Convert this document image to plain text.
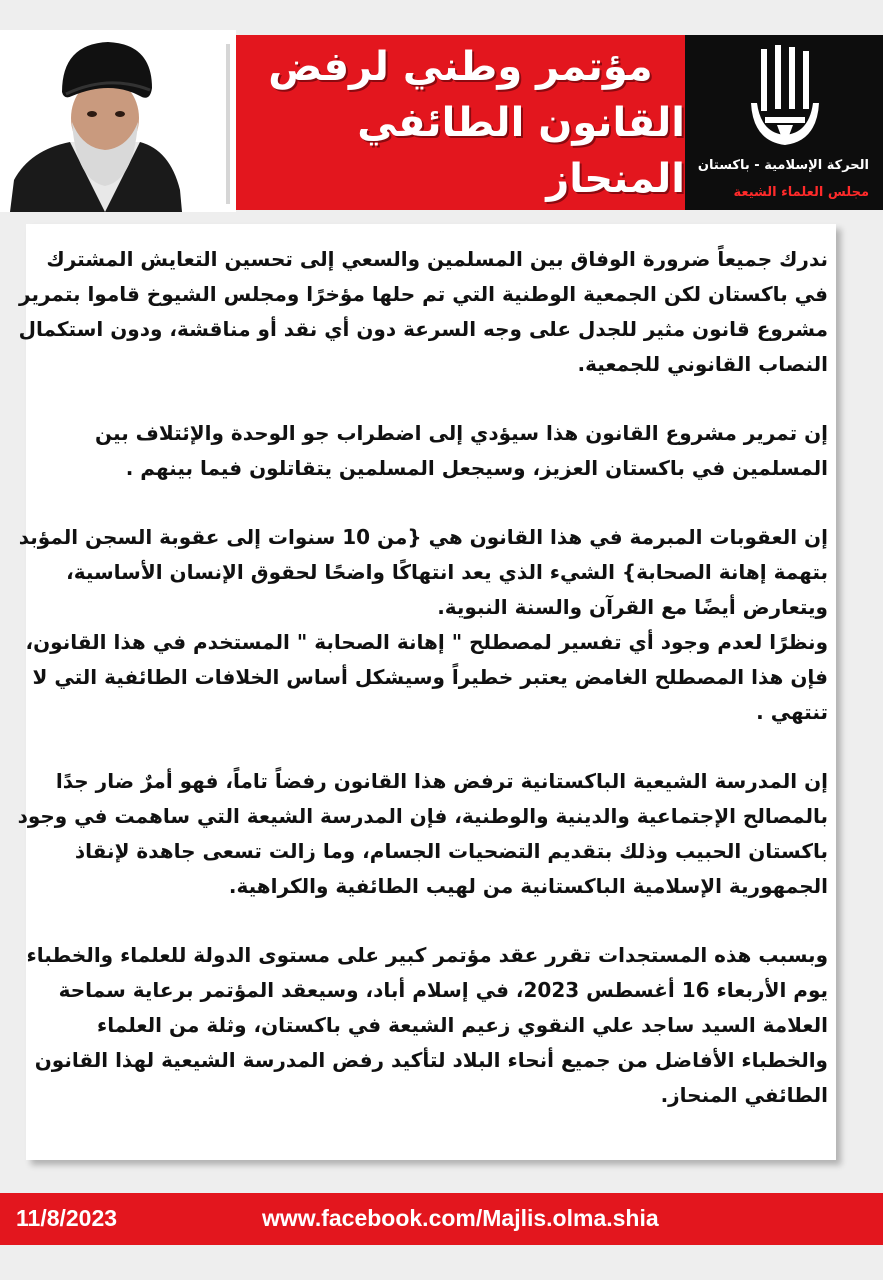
مؤتمر وطني لرفض
القانون الطائفي المنحاز الحركة الإسلامية - باكستان
مجلس العلماء الشيعة

ندرك جميعاً ضرورة الوفاق بين المسلمين والسعي إلى تحسين التعايش المشترك في باكستان لكن الجمعية الوطنية التي تم حلها مؤخرًا ومجلس الشيوخ قاموا بتمرير مشروع قانون مثير للجدل على وجه السرعة دون أي نقد أو مناقشة، ودون استكمال النصاب القانوني للجمعية.

إن تمرير مشروع القانون هذا سيؤدي إلى اضطراب جو الوحدة والإئتلاف بين المسلمين في باكستان العزيز، وسيجعل المسلمين يتقاتلون فيما بينهم .

إن العقوبات المبرمة في هذا القانون هي {من 10 سنوات إلى عقوبة السجن المؤبد بتهمة إهانة الصحابة} الشيء الذي يعد انتهاكًا واضحًا لحقوق الإنسان الأساسية، ويتعارض أيضًا مع القرآن والسنة النبوية.

ونظرًا لعدم وجود أي تفسير لمصطلح " إهانة الصحابة " المستخدم في هذا القانون، فإن هذا المصطلح الغامض يعتبر خطيراً وسيشكل أساس الخلافات الطائفية التي لا تنتهي .

إن المدرسة الشيعية الباكستانية ترفض هذا القانون رفضاً تاماً، فهو أمرٌ ضار جدًا بالمصالح الإجتماعية والدينية والوطنية، فإن المدرسة الشيعة التي ساهمت في وجود باكستان الحبيب وذلك بتقديم التضحيات الجسام، وما زالت تسعى جاهدة لإنقاذ الجمهورية الإسلامية الباكستانية من لهيب الطائفية والكراهية.

وبسبب هذه المستجدات تقرر عقد مؤتمر كبير على مستوى الدولة للعلماء والخطباء يوم الأربعاء 16 أغسطس 2023، في إسلام أباد، وسيعقد المؤتمر برعاية سماحة العلامة السيد ساجد علي النقوي زعيم الشيعة في باكستان، وثلة من العلماء والخطباء الأفاضل من جميع أنحاء البلاد لتأكيد رفض المدرسة الشيعية لهذا القانون الطائفي المنحاز.

11/8/2023	www.facebook.com/Majlis.olma.shia
